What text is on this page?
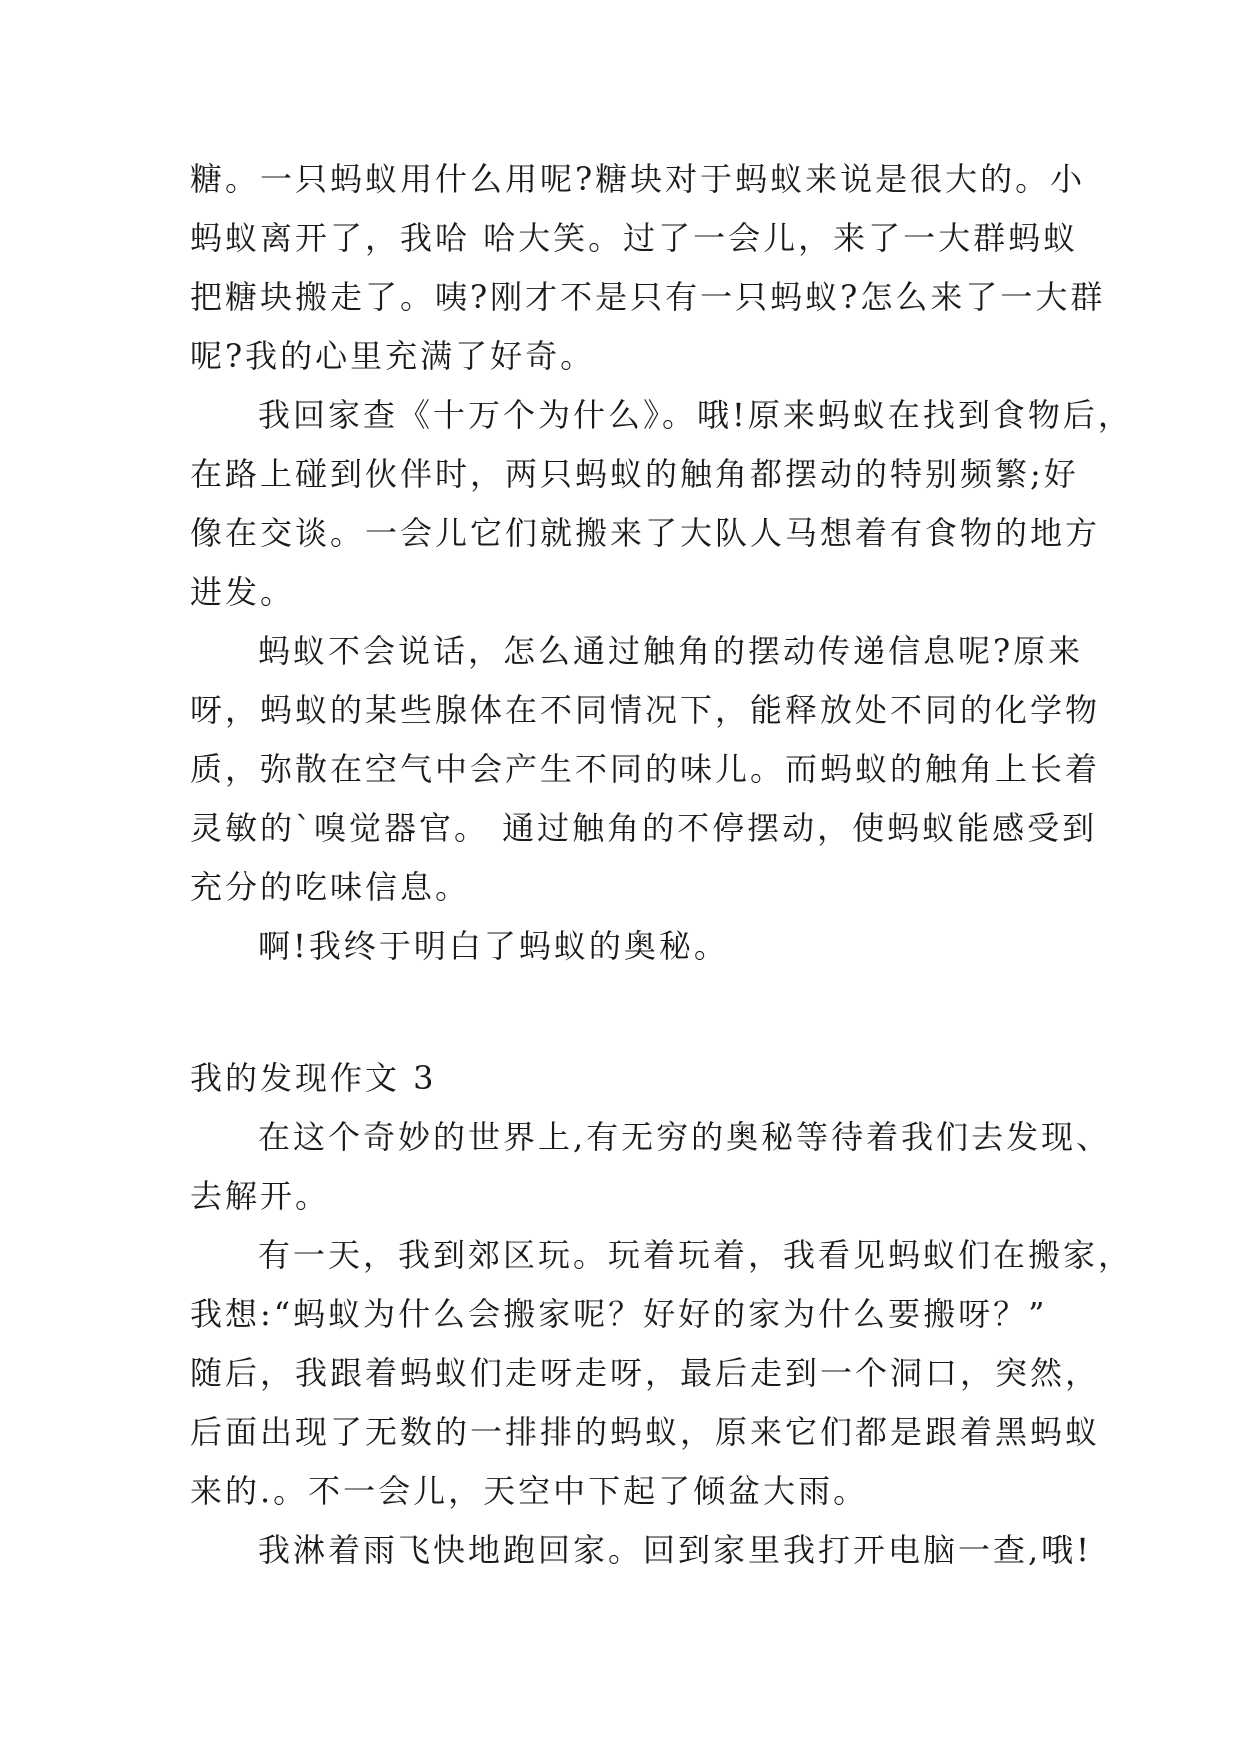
糖。一只蚂蚁用什么用呢?糖块对于蚂蚁来说是很大的。小
蚂蚁离开了，我哈 哈大笑。过了一会儿，来了一大群蚂蚁
把糖块搬走了。咦?刚才不是只有一只蚂蚁?怎么来了一大群
呢?我的心里充满了好奇。
我回家查《十万个为什么》。哦!原来蚂蚁在找到食物后，
在路上碰到伙伴时，两只蚂蚁的触角都摆动的特别频繁;好
像在交谈。一会儿它们就搬来了大队人马想着有食物的地方
进发。
蚂蚁不会说话，怎么通过触角的摆动传递信息呢?原来
呀，蚂蚁的某些腺体在不同情况下，能释放处不同的化学物
质，弥散在空气中会产生不同的味儿。而蚂蚁的触角上长着
灵敏的`嗅觉器官。 通过触角的不停摆动，使蚂蚁能感受到
充分的吃味信息。
啊!我终于明白了蚂蚁的奥秘。
我的发现作文 3
在这个奇妙的世界上,有无穷的奥秘等待着我们去发现、
去解开。
有一天，我到郊区玩。玩着玩着，我看见蚂蚁们在搬家，
我想:“蚂蚁为什么会搬家呢？好好的家为什么要搬呀？”
随后，我跟着蚂蚁们走呀走呀，最后走到一个洞口，突然，
后面出现了无数的一排排的蚂蚁，原来它们都是跟着黑蚂蚁
来的.。不一会儿，天空中下起了倾盆大雨。
我淋着雨飞快地跑回家。回到家里我打开电脑一查,哦!
